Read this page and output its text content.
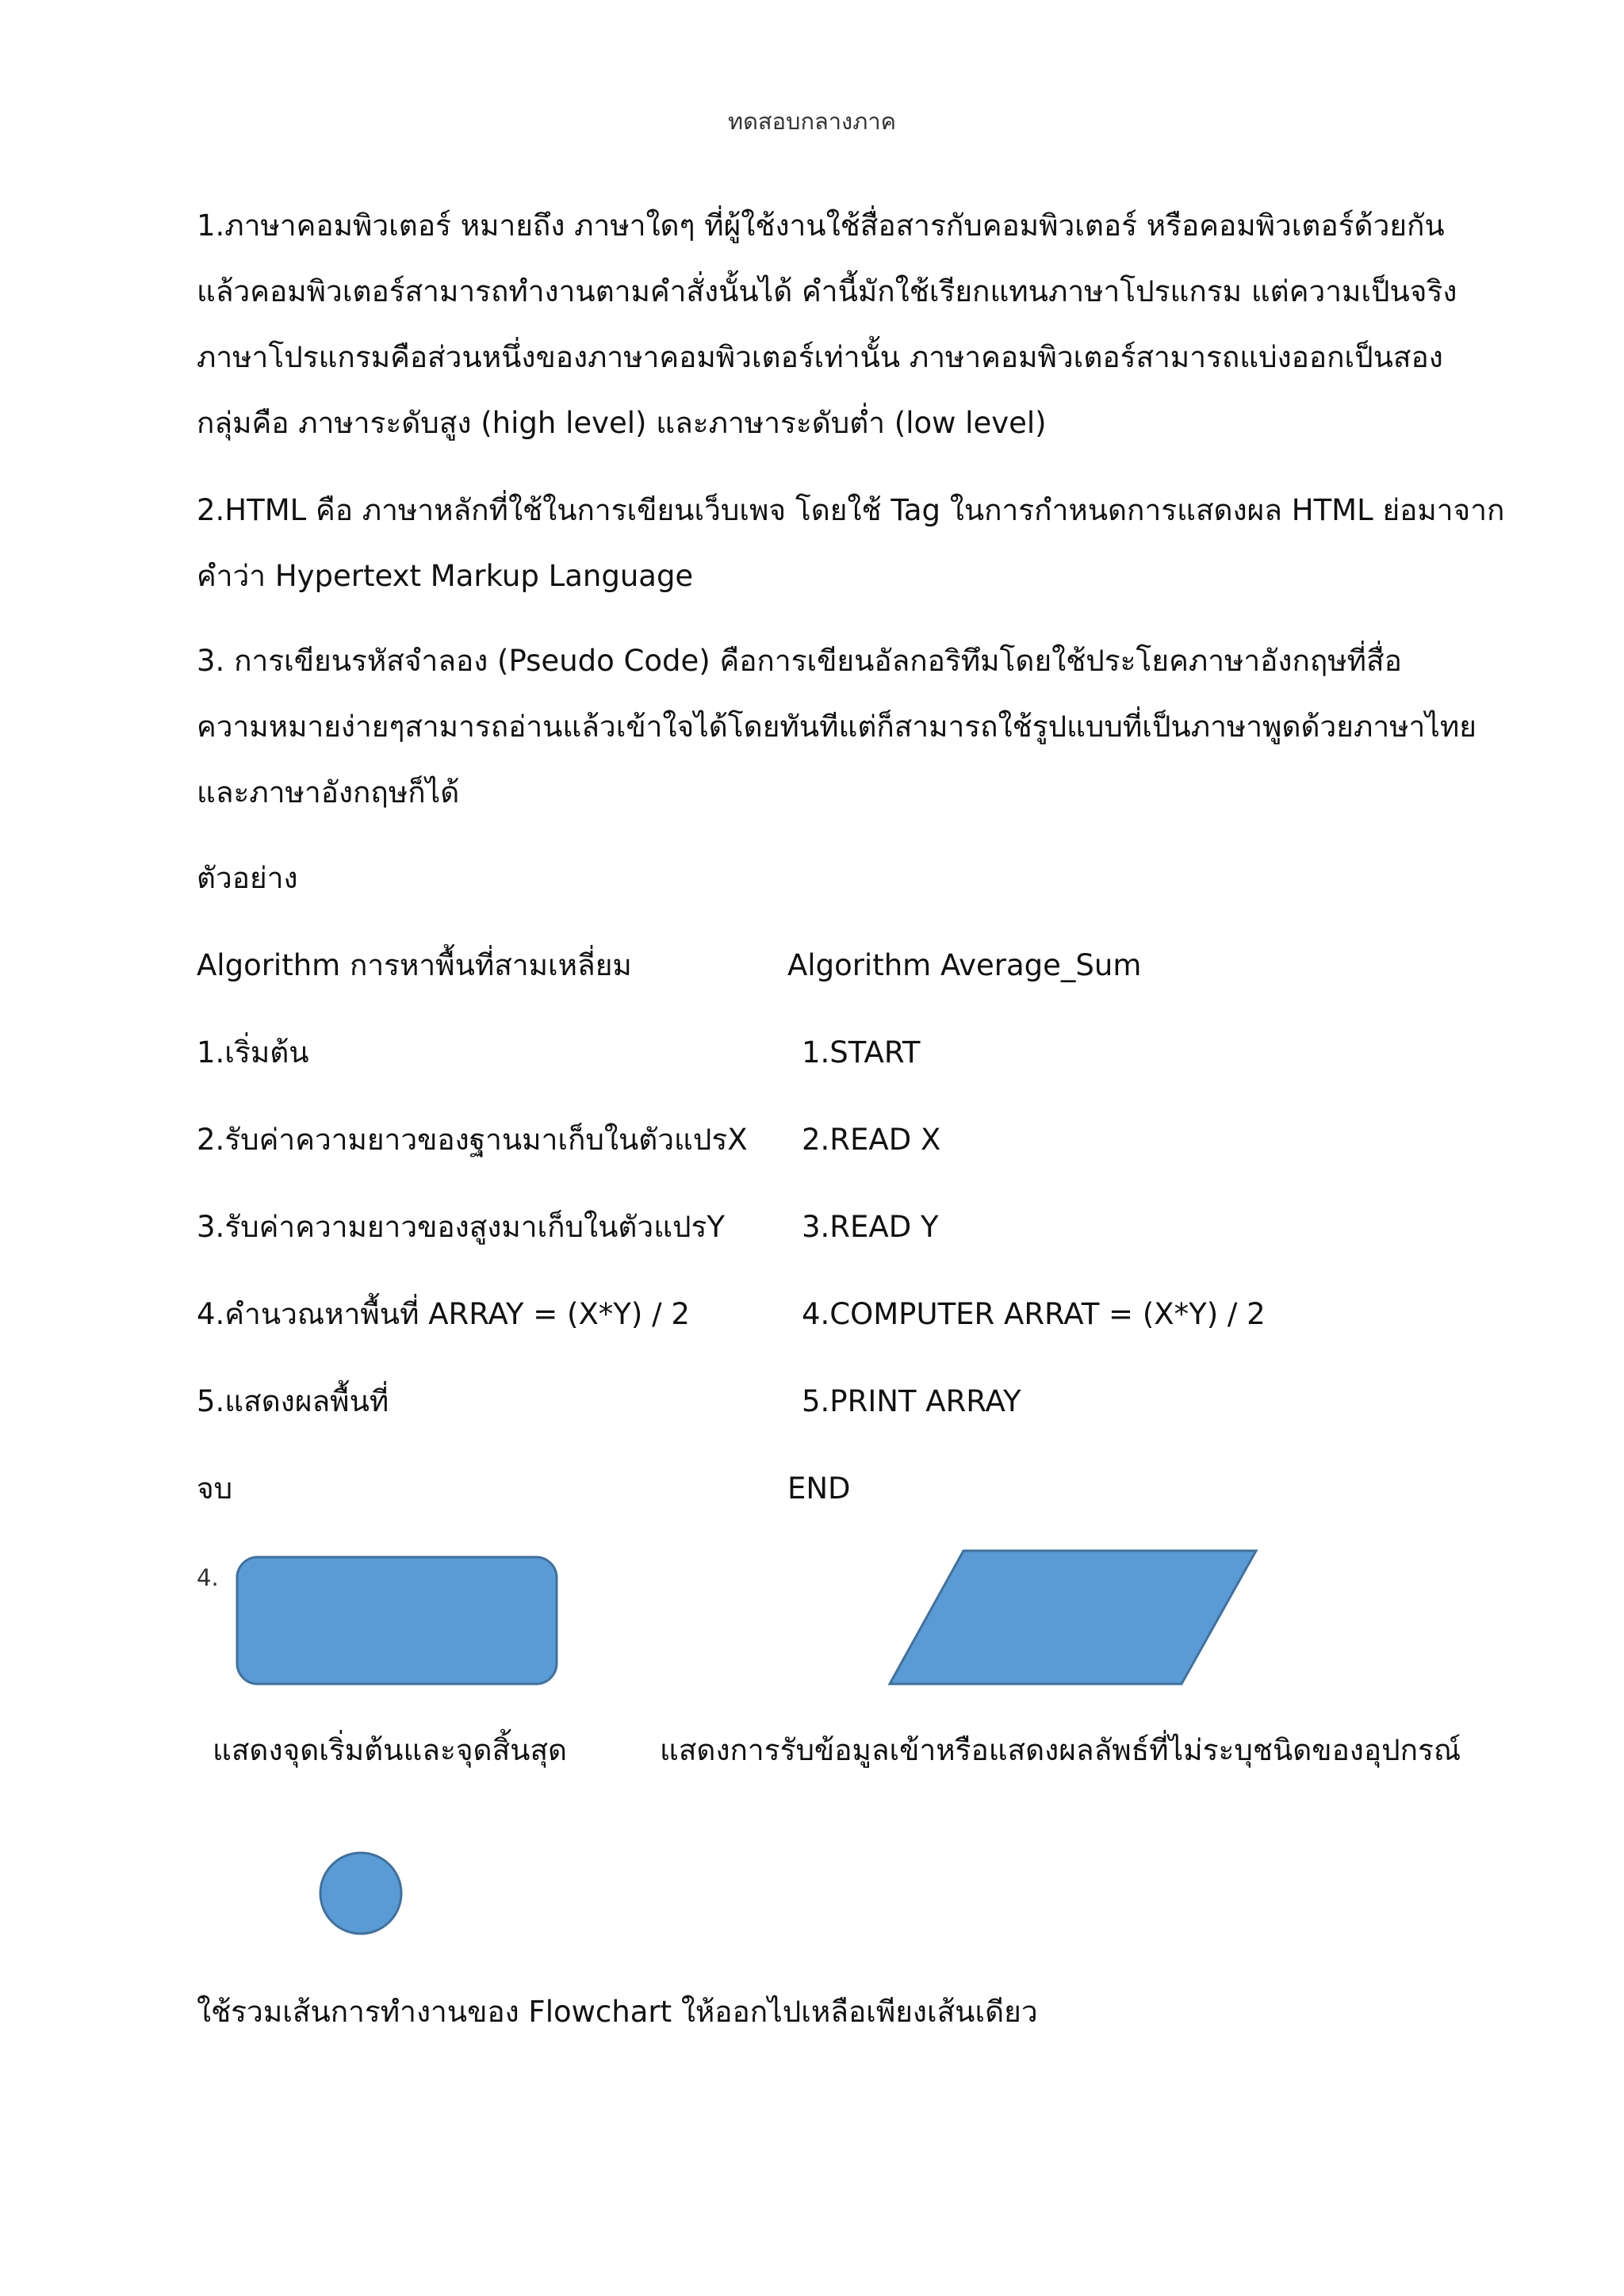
ทดสอบกลางภาค

1.ภาษาคอมพิวเตอร์ หมายถึง ภาษาใดๆ ที่ผู้ใช้งานใช้สื่อสารกับคอมพิวเตอร์ หรือคอมพิวเตอร์ด้วยกัน
แล้วคอมพิวเตอร์สามารถทำงานตามคำสั่งนั้นได้ คำนี้มักใช้เรียกแทนภาษาโปรแกรม แต่ความเป็นจริง
ภาษาโปรแกรมคือส่วนหนึ่งของภาษาคอมพิวเตอร์เท่านั้น ภาษาคอมพิวเตอร์สามารถแบ่งออกเป็นสอง
กลุ่มคือ ภาษาระดับสูง (high level) และภาษาระดับต่ำ (low level)

2.HTML คือ ภาษาหลักที่ใช้ในการเขียนเว็บเพจ โดยใช้ Tag ในการกำหนดการแสดงผล HTML ย่อมาจาก
คำว่า Hypertext Markup Language

3. การเขียนรหัสจำลอง (Pseudo Code) คือการเขียนอัลกอริทึมโดยใช้ประโยคภาษาอังกฤษที่สื่อ
ความหมายง่ายๆสามารถอ่านแล้วเข้าใจได้โดยทันทีแต่ก็สามารถใช้รูปแบบที่เป็นภาษาพูดด้วยภาษาไทย
และภาษาอังกฤษก็ได้

ตัวอย่าง
Algorithm การหาพื้นที่สามเหลี่ยม	Algorithm Average_Sum
1.เริ่มต้น	1.START
2.รับค่าความยาวของฐานมาเก็บในตัวแปรX 2.READ X
3.รับค่าความยาวของสูงมาเก็บในตัวแปรY	3.READ Y
4.คำนวณหาพื้นที่ ARRAY = (X*Y) / 2	4.COMPUTER ARRAT = (X*Y) / 2
5.แสดงผลพื้นที่	5.PRINT ARRAY
จบ	END
4.
แสดงจุดเริ่มต้นและจุดสิ้นสุด	แสดงการรับข้อมูลเข้าหรือแสดงผลลัพธ์ที่ไม่ระบุชนิดของอุปกรณ์
ใช้รวมเส้นการทำงานของ Flowchart ให้ออกไปเหลือเพียงเส้นเดียว
